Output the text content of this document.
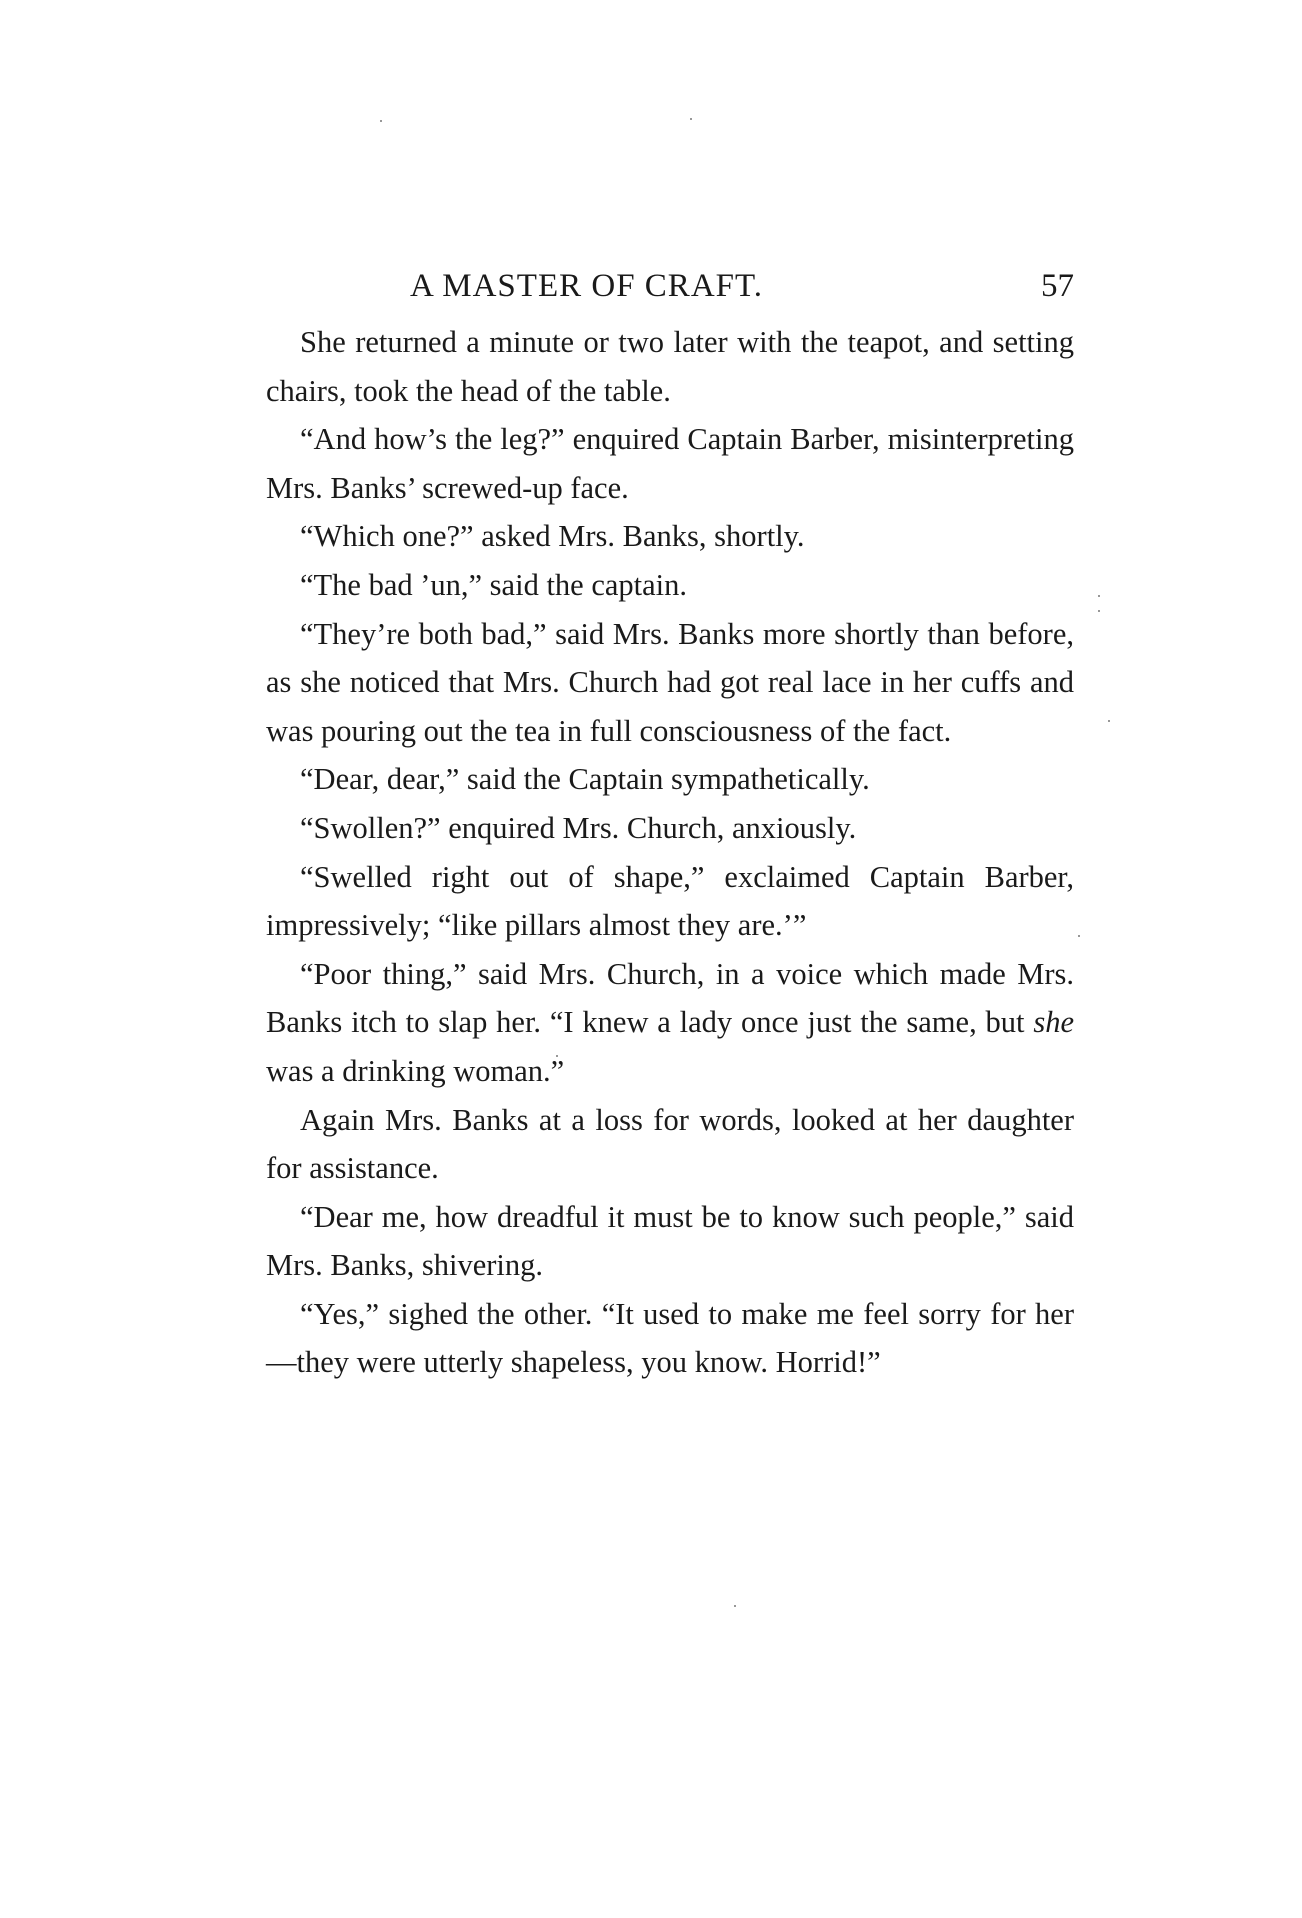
A MASTER OF CRAFT.	57

She returned a minute or two later with the teapot, and setting chairs, took the head of the table.

“And how’s the leg?” enquired Captain Barber, misinterpreting Mrs. Banks’ screwed-up face.

“Which one?” asked Mrs. Banks, shortly.

“The bad ’un,” said the captain.

“They’re both bad,” said Mrs. Banks more shortly than before, as she noticed that Mrs. Church had got real lace in her cuffs and was pouring out the tea in full consciousness of the fact.

“Dear, dear,” said the Captain sympathetically.

“Swollen?” enquired Mrs. Church, anxiously.

“Swelled right out of shape,” exclaimed Captain Barber, impressively; “like pillars almost they are.’”

“Poor thing,” said Mrs. Church, in a voice which made Mrs. Banks itch to slap her. “I knew a lady once just the same, but she was a drinking woman.”

Again Mrs. Banks at a loss for words, looked at her daughter for assistance.

“Dear me, how dreadful it must be to know such people,” said Mrs. Banks, shivering.

“Yes,” sighed the other. “It used to make me feel sorry for her—they were utterly shapeless, you know. Horrid!”
